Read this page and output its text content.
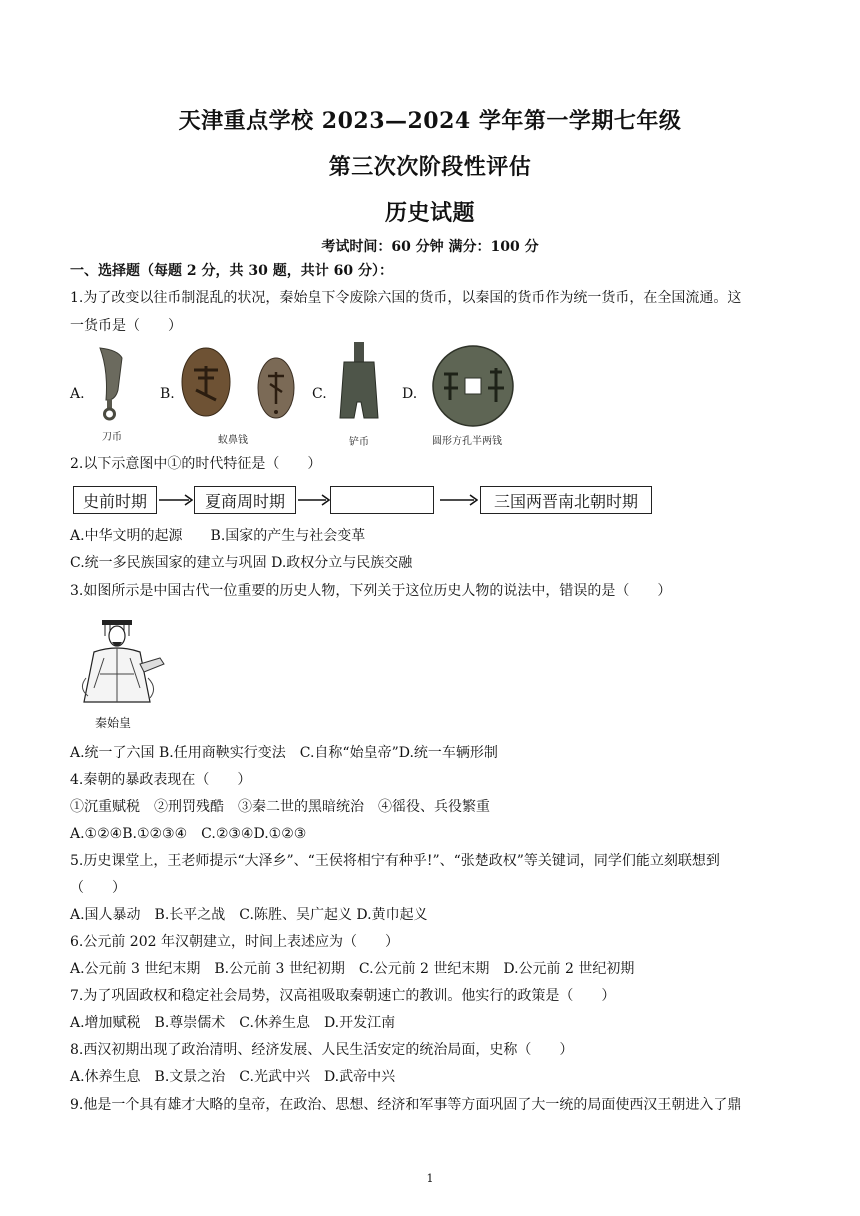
天津重点学校 2023—2024 学年第一学期七年级
第三次次阶段性评估
历史试题
考试时间：60 分钟 满分：100 分
一、选择题（每题 2 分，共 30 题，共计 60 分）：
1.为了改变以往币制混乱的状况，秦始皇下令废除六国的货币，以秦国的货币作为统一货币，在全国流通。这
一货币是（　　）
A.
刀币
B.
蚁鼻钱
C.
铲币
D.
圆形方孔半两钱
2.以下示意图中①的时代特征是（　　）
史前时期	夏商周时期	三国两晋南北朝时期
A.中华文明的起源　　B.国家的产生与社会变革
C.统一多民族国家的建立与巩固 D.政权分立与民族交融
3.如图所示是中国古代一位重要的历史人物，下列关于这位历史人物的说法中，错误的是（　　）
秦始皇
A.统一了六国 B.任用商鞅实行变法　C.自称“始皇帝”D.统一车辆形制
4.秦朝的暴政表现在（　　）
①沉重赋税　②刑罚残酷　③秦二世的黑暗统治　④徭役、兵役繁重
A.①②④B.①②③④　C.②③④D.①②③
5.历史课堂上，王老师提示“大泽乡”、“王侯将相宁有种乎!”、“张楚政权”等关键词，同学们能立刻联想到
（　　）
A.国人暴动　B.长平之战　C.陈胜、吴广起义 D.黄巾起义
6.公元前 202 年汉朝建立，时间上表述应为（　　）
A.公元前 3 世纪末期　B.公元前 3 世纪初期　C.公元前 2 世纪末期　D.公元前 2 世纪初期
7.为了巩固政权和稳定社会局势，汉高祖吸取秦朝速亡的教训。他实行的政策是（　　）
A.增加赋税　B.尊崇儒术　C.休养生息　D.开发江南
8.西汉初期出现了政治清明、经济发展、人民生活安定的统治局面，史称（　　）
A.休养生息　B.文景之治　C.光武中兴　D.武帝中兴
9.他是一个具有雄才大略的皇帝，在政治、思想、经济和军事等方面巩固了大一统的局面使西汉王朝进入了鼎
1
